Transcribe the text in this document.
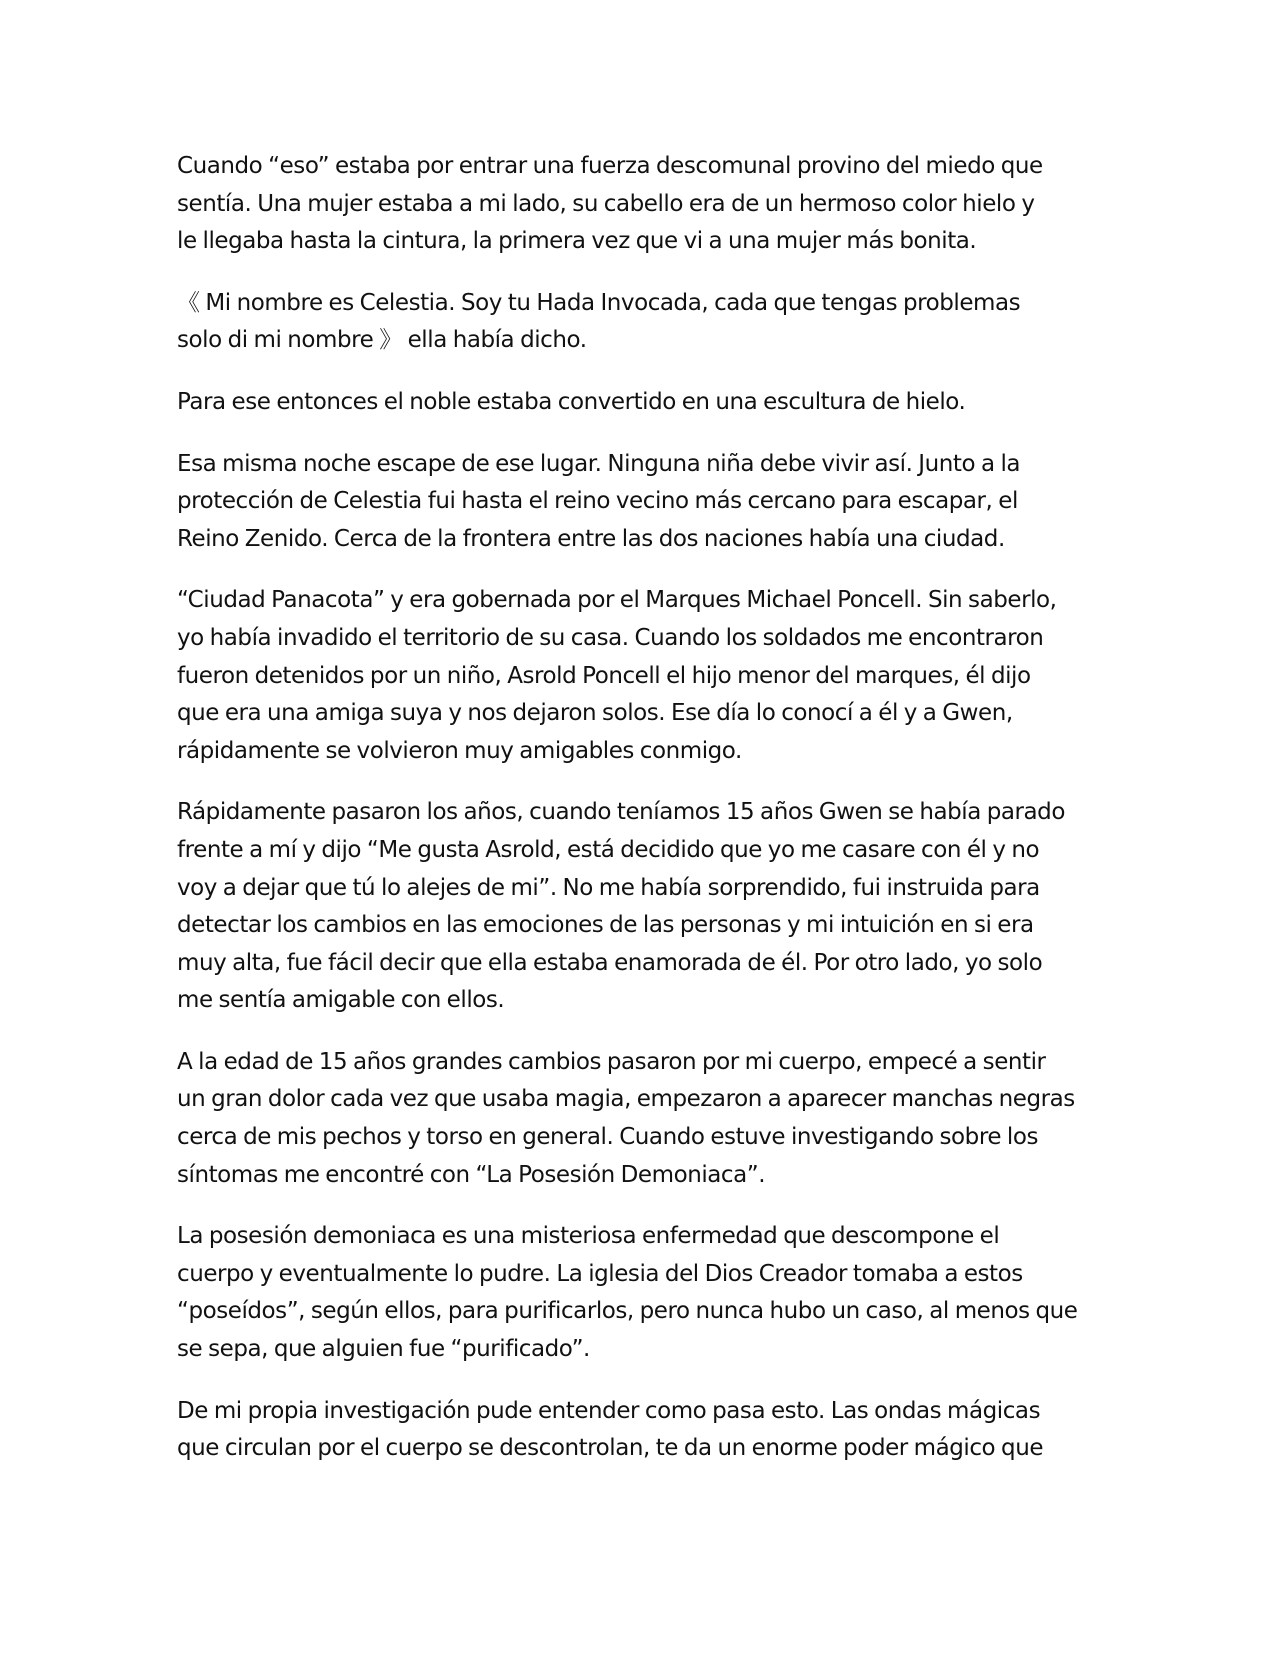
Cuando “eso” estaba por entrar una fuerza descomunal provino del miedo que
sentía. Una mujer estaba a mi lado, su cabello era de un hermoso color hielo y
le llegaba hasta la cintura, la primera vez que vi a una mujer más bonita.

《 Mi nombre es Celestia. Soy tu Hada Invocada, cada que tengas problemas
solo di mi nombre 》 ella había dicho.

Para ese entonces el noble estaba convertido en una escultura de hielo.

Esa misma noche escape de ese lugar. Ninguna niña debe vivir así. Junto a la
protección de Celestia fui hasta el reino vecino más cercano para escapar, el
Reino Zenido. Cerca de la frontera entre las dos naciones había una ciudad.

“Ciudad Panacota” y era gobernada por el Marques Michael Poncell. Sin saberlo,
yo había invadido el territorio de su casa. Cuando los soldados me encontraron
fueron detenidos por un niño, Asrold Poncell el hijo menor del marques, él dijo
que era una amiga suya y nos dejaron solos. Ese día lo conocí a él y a Gwen,
rápidamente se volvieron muy amigables conmigo.

Rápidamente pasaron los años, cuando teníamos 15 años Gwen se había parado
frente a mí y dijo “Me gusta Asrold, está decidido que yo me casare con él y no
voy a dejar que tú lo alejes de mi”. No me había sorprendido, fui instruida para
detectar los cambios en las emociones de las personas y mi intuición en si era
muy alta, fue fácil decir que ella estaba enamorada de él. Por otro lado, yo solo
me sentía amigable con ellos.

A la edad de 15 años grandes cambios pasaron por mi cuerpo, empecé a sentir
un gran dolor cada vez que usaba magia, empezaron a aparecer manchas negras
cerca de mis pechos y torso en general. Cuando estuve investigando sobre los
síntomas me encontré con “La Posesión Demoniaca”.

La posesión demoniaca es una misteriosa enfermedad que descompone el
cuerpo y eventualmente lo pudre. La iglesia del Dios Creador tomaba a estos
“poseídos”, según ellos, para purificarlos, pero nunca hubo un caso, al menos que
se sepa, que alguien fue “purificado”.

De mi propia investigación pude entender como pasa esto. Las ondas mágicas
que circulan por el cuerpo se descontrolan, te da un enorme poder mágico que
